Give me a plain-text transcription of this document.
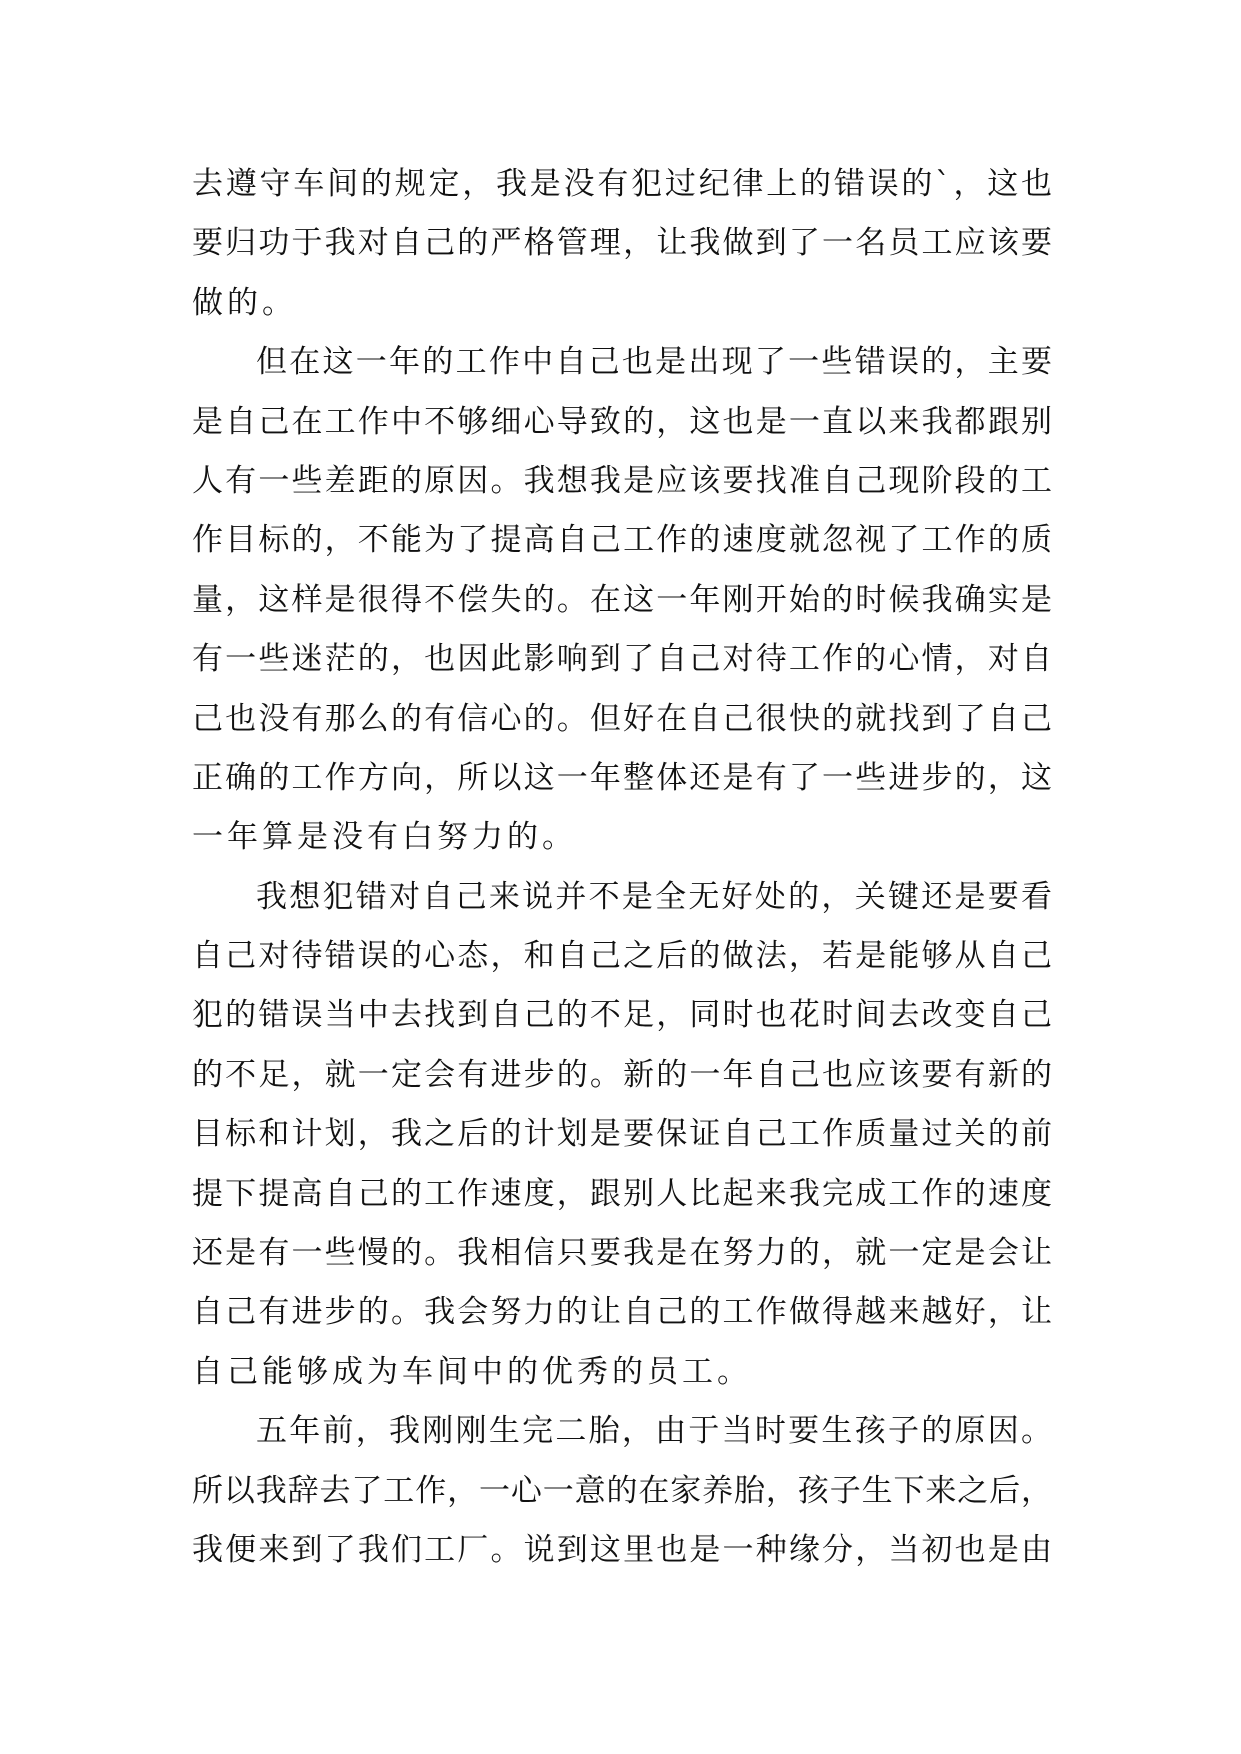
去遵守车间的规定，我是没有犯过纪律上的错误的`，这也
要归功于我对自己的严格管理，让我做到了一名员工应该要
做的。
但在这一年的工作中自己也是出现了一些错误的，主要
是自己在工作中不够细心导致的，这也是一直以来我都跟别
人有一些差距的原因。我想我是应该要找准自己现阶段的工
作目标的，不能为了提高自己工作的速度就忽视了工作的质
量，这样是很得不偿失的。在这一年刚开始的时候我确实是
有一些迷茫的，也因此影响到了自己对待工作的心情，对自
己也没有那么的有信心的。但好在自己很快的就找到了自己
正确的工作方向，所以这一年整体还是有了一些进步的，这
一年算是没有白努力的。
我想犯错对自己来说并不是全无好处的，关键还是要看
自己对待错误的心态，和自己之后的做法，若是能够从自己
犯的错误当中去找到自己的不足，同时也花时间去改变自己
的不足，就一定会有进步的。新的一年自己也应该要有新的
目标和计划，我之后的计划是要保证自己工作质量过关的前
提下提高自己的工作速度，跟别人比起来我完成工作的速度
还是有一些慢的。我相信只要我是在努力的，就一定是会让
自己有进步的。我会努力的让自己的工作做得越来越好，让
自己能够成为车间中的优秀的员工。
五年前，我刚刚生完二胎，由于当时要生孩子的原因。
所以我辞去了工作，一心一意的在家养胎，孩子生下来之后，
我便来到了我们工厂。说到这里也是一种缘分，当初也是由
